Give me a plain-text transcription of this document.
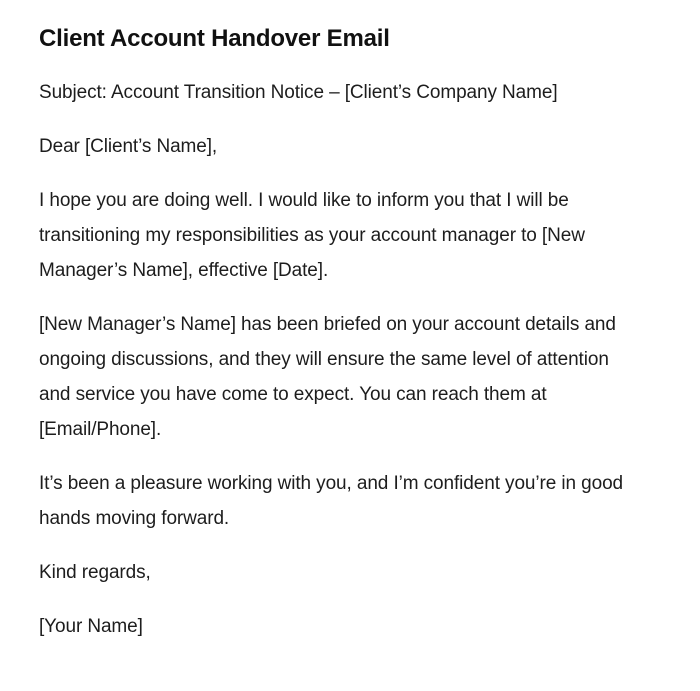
Client Account Handover Email

Subject: Account Transition Notice – [Client’s Company Name]

Dear [Client’s Name],

I hope you are doing well. I would like to inform you that I will be transitioning my responsibilities as your account manager to [New Manager’s Name], effective [Date].

[New Manager’s Name] has been briefed on your account details and ongoing discussions, and they will ensure the same level of attention and service you have come to expect. You can reach them at [Email/Phone].

It’s been a pleasure working with you, and I’m confident you’re in good hands moving forward.

Kind regards,

[Your Name]
